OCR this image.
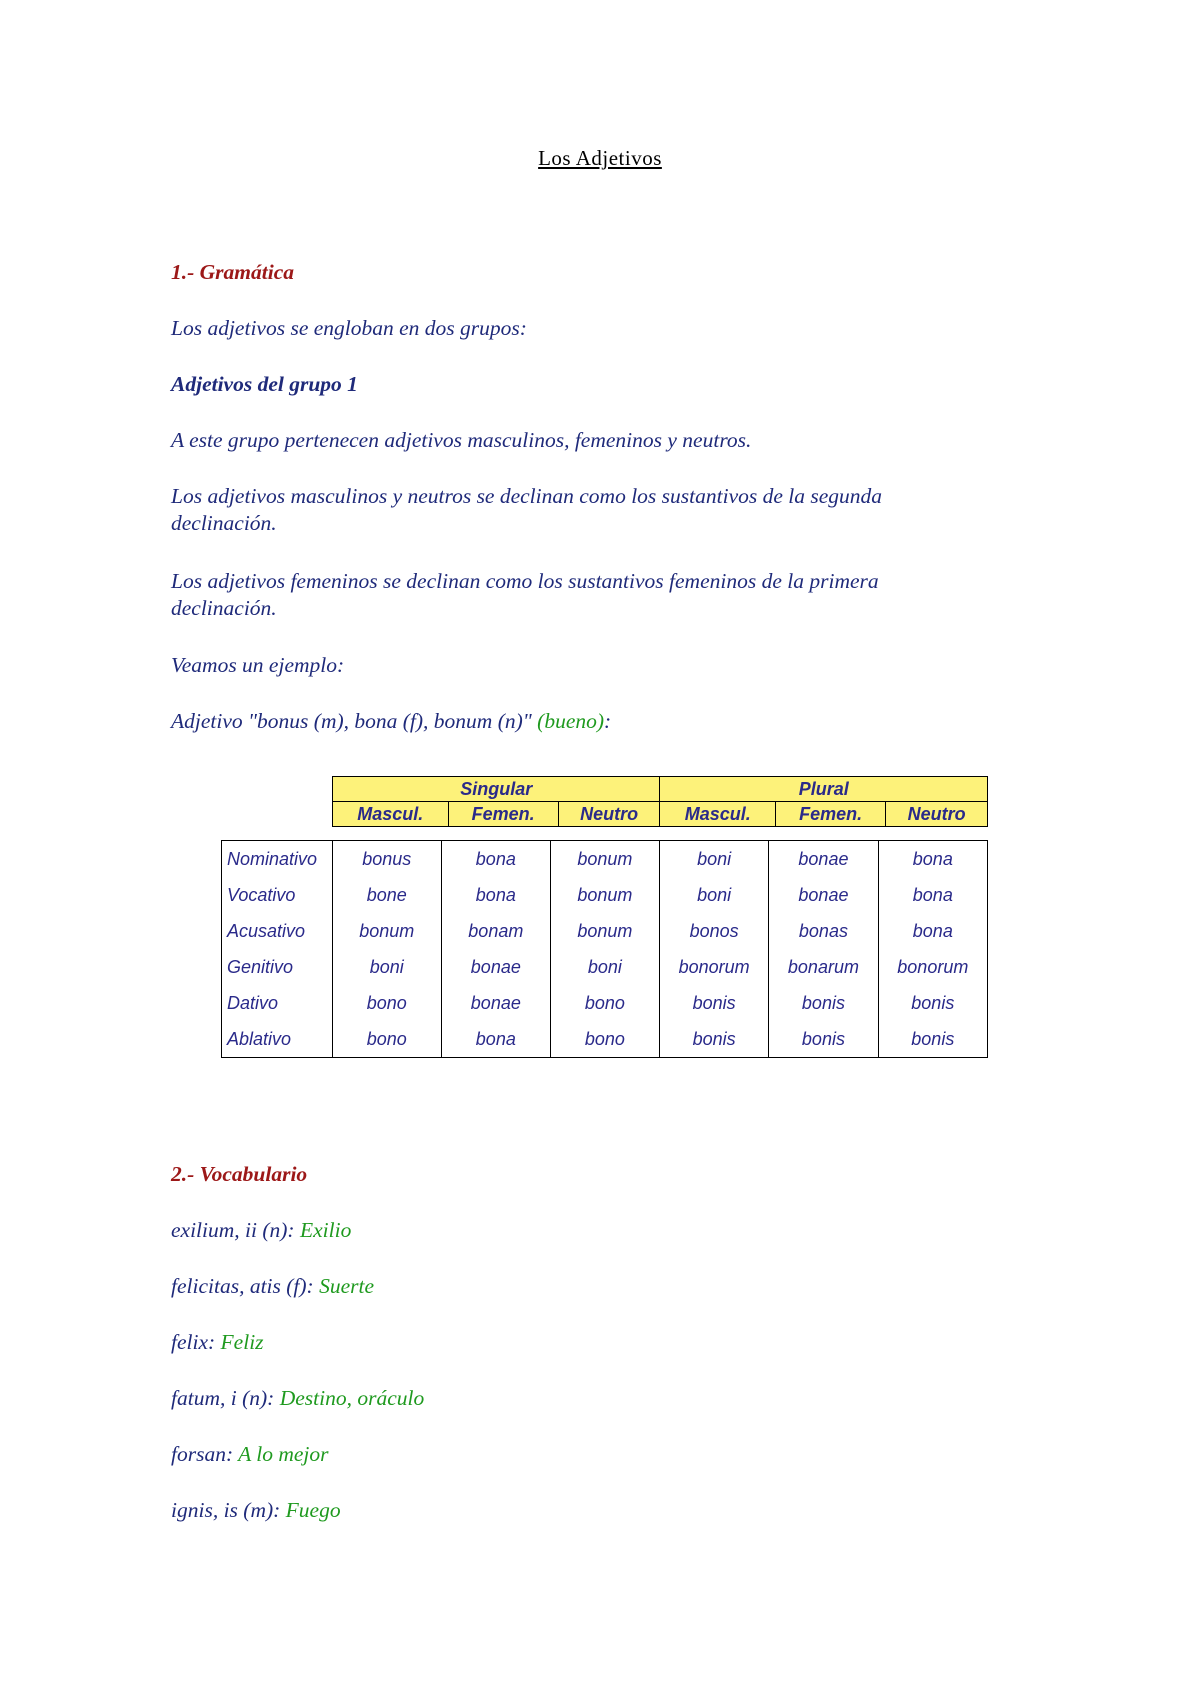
Los Adjetivos

1.- Gramática

Los adjetivos se engloban en dos grupos:

Adjetivos del grupo 1

A este grupo pertenecen adjetivos masculinos, femeninos y neutros.

Los adjetivos masculinos y neutros se declinan como los sustantivos de la segunda

declinación.

Los adjetivos femeninos se declinan como los sustantivos femeninos de la primera

declinación.

Veamos un ejemplo:

Adjetivo "bonus (m), bona (f), bonum (n)" (bueno):

Singular			Plural		
Mascul.	Femen.	Neutro	Mascul.	Femen.	Neutro
Nominativo	bonus	bona	bonum	boni	bonae	bona
Vocativo	bone	bona	bonum	boni	bonae	bona
Acusativo	bonum	bonam	bonum	bonos	bonas	bona
Genitivo	boni	bonae	boni	bonorum	bonarum	bonorum
Dativo	bono	bonae	bono	bonis	bonis	bonis
Ablativo	bono	bona	bono	bonis	bonis	bonis

2.- Vocabulario

exilium, ii (n): Exilio

felicitas, atis (f): Suerte

felix: Feliz

fatum, i (n): Destino, oráculo

forsan: A lo mejor

ignis, is (m): Fuego
